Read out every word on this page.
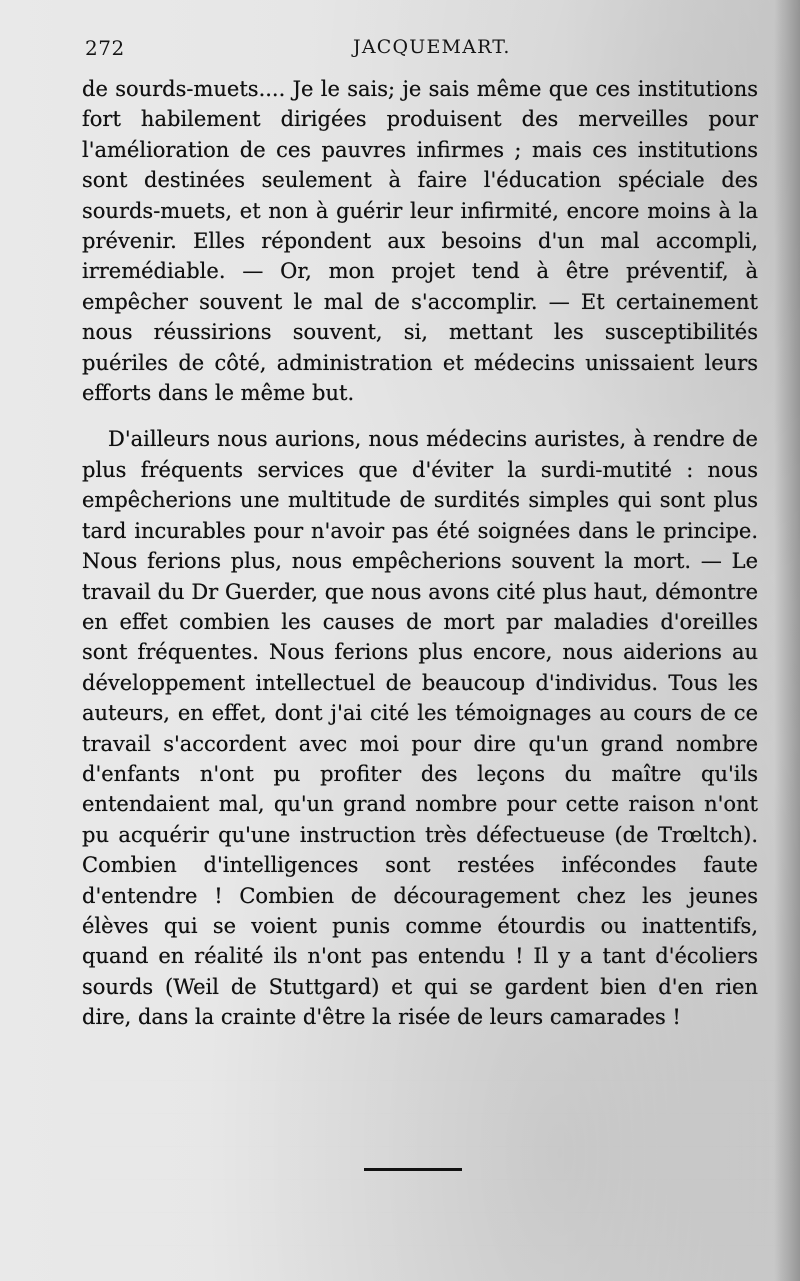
272	JACQUEMART.

de sourds-muets.... Je le sais; je sais même que ces institutions fort habilement dirigées produisent des merveilles pour l'amélioration de ces pauvres infirmes ; mais ces institutions sont destinées seulement à faire l'éducation spéciale des sourds-muets, et non à guérir leur infirmité, encore moins à la prévenir. Elles répondent aux besoins d'un mal accompli, irremédiable. — Or, mon projet tend à être préventif, à empêcher souvent le mal de s'accomplir. — Et certainement nous réussirions souvent, si, mettant les susceptibilités puériles de côté, administration et médecins unissaient leurs efforts dans le même but.

D'ailleurs nous aurions, nous médecins auristes, à rendre de plus fréquents services que d'éviter la surdi-mutité : nous empêcherions une multitude de surdités simples qui sont plus tard incurables pour n'avoir pas été soignées dans le principe. Nous ferions plus, nous empêcherions souvent la mort. — Le travail du Dr Guerder, que nous avons cité plus haut, démontre en effet combien les causes de mort par maladies d'oreilles sont fréquentes. Nous ferions plus encore, nous aiderions au développement intellectuel de beaucoup d'individus. Tous les auteurs, en effet, dont j'ai cité les témoignages au cours de ce travail s'accordent avec moi pour dire qu'un grand nombre d'enfants n'ont pu profiter des leçons du maître qu'ils entendaient mal, qu'un grand nombre pour cette raison n'ont pu acquérir qu'une instruction très défectueuse (de Trœltch). Combien d'intelligences sont restées infécondes faute d'entendre ! Combien de découragement chez les jeunes élèves qui se voient punis comme étourdis ou inattentifs, quand en réalité ils n'ont pas entendu ! Il y a tant d'écoliers sourds (Weil de Stuttgard) et qui se gardent bien d'en rien dire, dans la crainte d'être la risée de leurs camarades !
